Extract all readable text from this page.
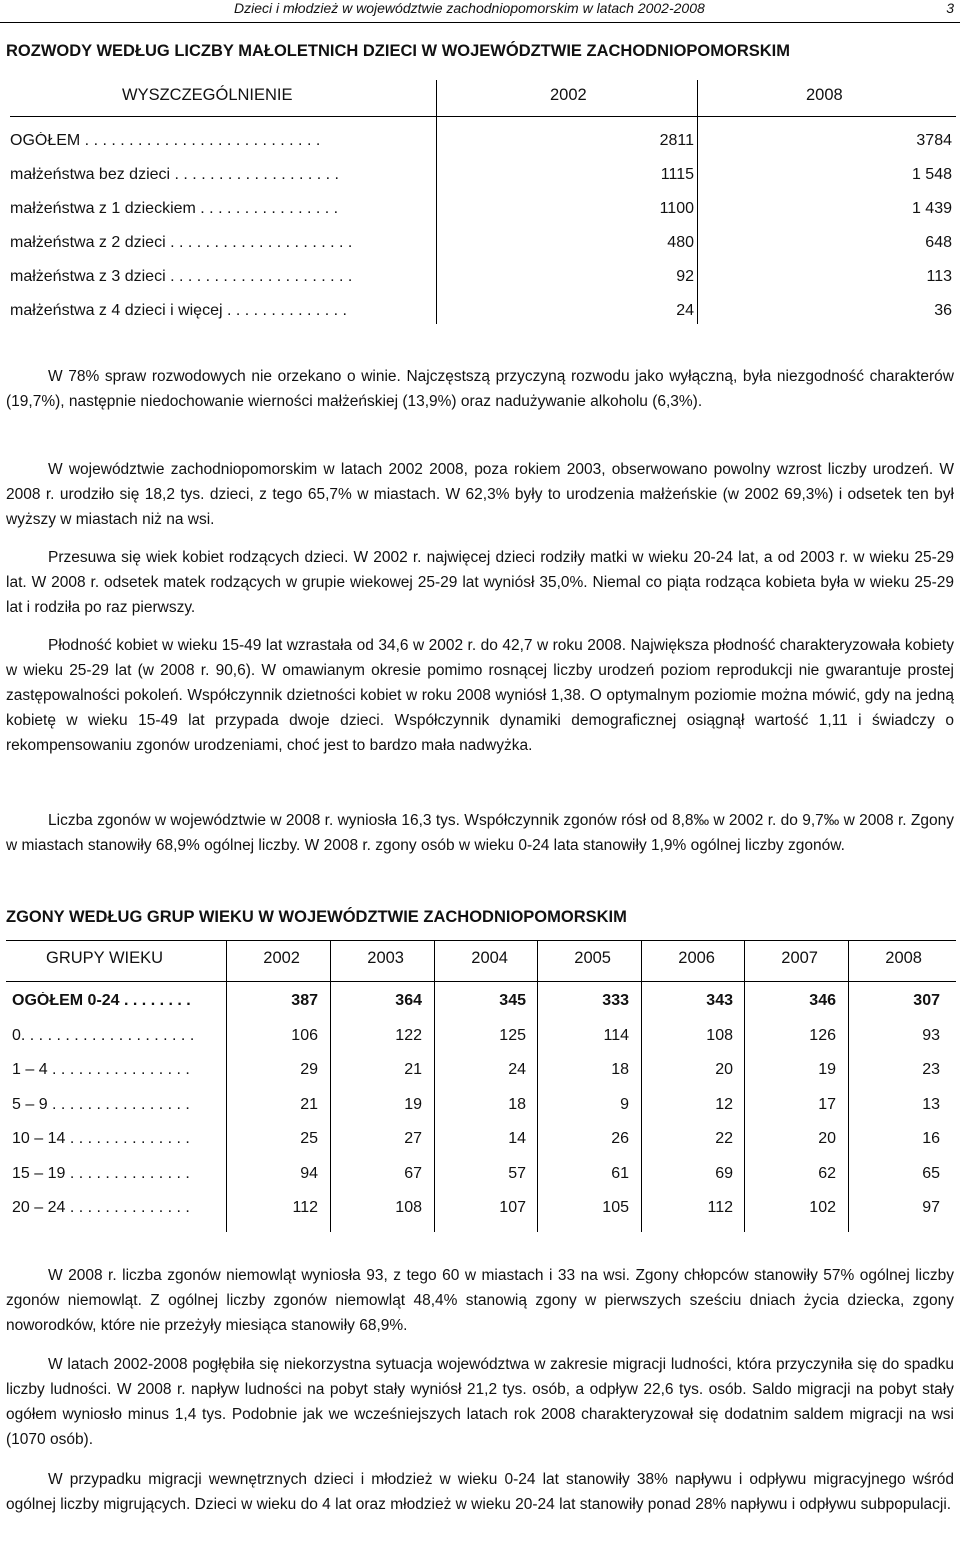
Dzieci i młodzież w województwie zachodniopomorskim w latach 2002-2008	3
ROZWODY WEDŁUG LICZBY MAŁOLETNICH DZIECI W WOJEWÓDZTWIE ZACHODNIOPOMORSKIM
WYSZCZEGÓLNIENIE	2002	2008
OGÓŁEM . . . . . . . . . . . . . . . . . . . . . . . . . . .	2811	3784
małżeństwa bez dzieci . . . . . . . . . . . . . . . . . . .	1115	1 548
małżeństwa z 1 dzieckiem . . . . . . . . . . . . . . . .	1100	1 439
małżeństwa z 2 dzieci . . . . . . . . . . . . . . . . . . . . .	480	648
małżeństwa z 3 dzieci . . . . . . . . . . . . . . . . . . . . .	92	113
małżeństwa z 4 dzieci i więcej . . . . . . . . . . . . . .	24	36

W 78% spraw rozwodowych nie orzekano o winie. Najczęstszą przyczyną rozwodu jako wyłączną, była niezgodność charakterów (19,7%), następnie niedochowanie wierności małżeńskiej (13,9%) oraz nadużywanie alkoholu (6,3%).

W województwie zachodniopomorskim w latach 2002 2008, poza rokiem 2003, obserwowano powolny wzrost liczby urodzeń. W 2008 r. urodziło się 18,2 tys. dzieci, z tego 65,7% w miastach. W 62,3% były to urodzenia małżeńskie (w 2002 69,3%) i odsetek ten był wyższy w miastach niż na wsi.

Przesuwa się wiek kobiet rodzących dzieci. W 2002 r. najwięcej dzieci rodziły matki w wieku 20-24 lat, a od 2003 r. w wieku 25-29 lat. W 2008 r. odsetek matek rodzących w grupie wiekowej 25-29 lat wyniósł 35,0%. Niemal co piąta rodząca kobieta była w wieku 25-29 lat i rodziła po raz pierwszy.

Płodność kobiet w wieku 15-49 lat wzrastała od 34,6 w 2002 r. do 42,7 w roku 2008. Największa płodność charakteryzowała kobiety w wieku 25-29 lat (w 2008 r. 90,6). W omawianym okresie pomimo rosnącej liczby urodzeń poziom reprodukcji nie gwarantuje prostej zastępowalności pokoleń. Współczynnik dzietności kobiet w roku 2008 wyniósł 1,38. O optymalnym poziomie można mówić, gdy na jedną kobietę w wieku 15-49 lat przypada dwoje dzieci. Współczynnik dynamiki demograficznej osiągnął wartość 1,11 i świadczy o rekompensowaniu zgonów urodzeniami, choć jest to bardzo mała nadwyżka.

Liczba zgonów w województwie w 2008 r. wyniosła 16,3 tys. Współczynnik zgonów rósł od 8,8‰ w 2002 r. do 9,7‰ w 2008 r. Zgony w miastach stanowiły 68,9% ogólnej liczby. W 2008 r. zgony osób w wieku 0-24 lata stanowiły 1,9% ogólnej liczby zgonów.

ZGONY WEDŁUG GRUP WIEKU W WOJEWÓDZTWIE ZACHODNIOPOMORSKIM
GRUPY WIEKU	2002	2003	2004	2005	2006	2007	2008
OGÓŁEM 0-24 . . . . . . . .	387	364	345	333	343	346	307
0. . . . . . . . . . . . . . . . . . . .	106	122	125	114	108	126	93
1 – 4 . . . . . . . . . . . . . . . .	29	21	24	18	20	19	23
5 – 9 . . . . . . . . . . . . . . . .	21	19	18	9	12	17	13
10 – 14 . . . . . . . . . . . . . .	25	27	14	26	22	20	16
15 – 19 . . . . . . . . . . . . . .	94	67	57	61	69	62	65
20 – 24 . . . . . . . . . . . . . .	112	108	107	105	112	102	97

W 2008 r. liczba zgonów niemowląt wyniosła 93, z tego 60 w miastach i 33 na wsi. Zgony chłopców stanowiły 57% ogólnej liczby zgonów niemowląt. Z ogólnej liczby zgonów niemowląt 48,4% stanowią zgony w pierwszych sześciu dniach życia dziecka, zgony noworodków, które nie przeżyły miesiąca stanowiły 68,9%.

W latach 2002-2008 pogłębiła się niekorzystna sytuacja województwa w zakresie migracji ludności, która przyczyniła się do spadku liczby ludności. W 2008 r. napływ ludności na pobyt stały wyniósł 21,2 tys. osób, a odpływ 22,6 tys. osób. Saldo migracji na pobyt stały ogółem wyniosło minus 1,4 tys. Podobnie jak we wcześniejszych latach rok 2008 charakteryzował się dodatnim saldem migracji na wsi (1070 osób).

W przypadku migracji wewnętrznych dzieci i młodzież w wieku 0-24 lat stanowiły 38% napływu i odpływu migracyjnego wśród ogólnej liczby migrujących. Dzieci w wieku do 4 lat oraz młodzież w wieku 20-24 lat stanowiły ponad 28% napływu i odpływu subpopulacji.
